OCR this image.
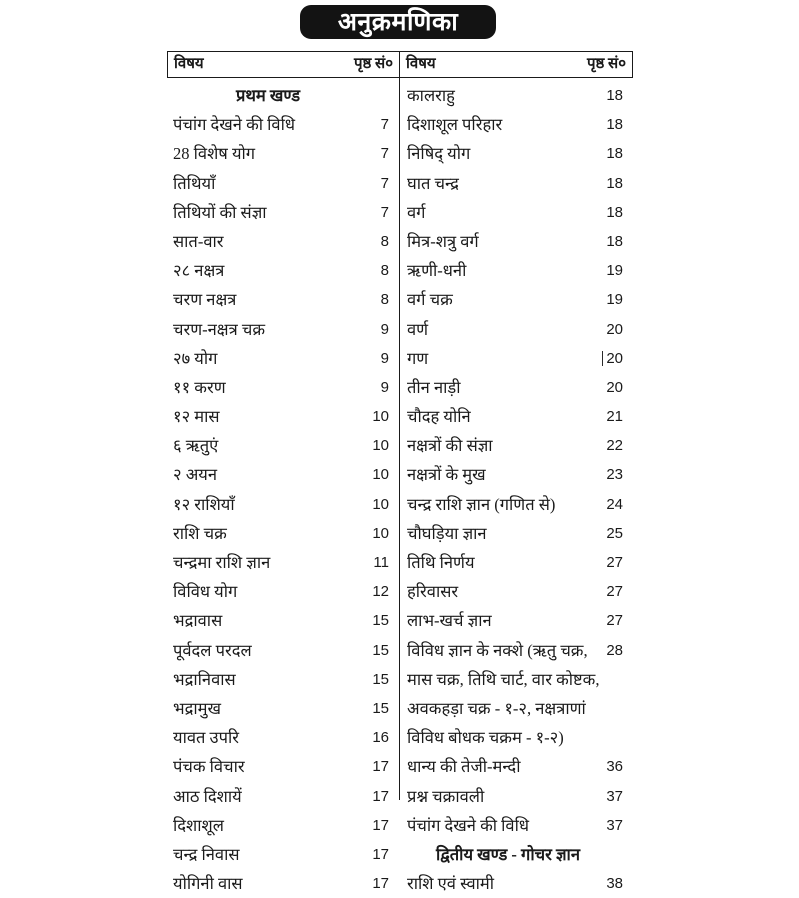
अनुक्रमणिका
विषय	पृष्ठ सं० विषय	पृष्ठ सं०
प्रथम खण्ड
पंचांग देखने की विधि	7
28 विशेष योग	7
तिथियाँ	7
तिथियों की संज्ञा	7
सात-वार	8
२८ नक्षत्र	8
चरण नक्षत्र	8
चरण-नक्षत्र चक्र	9
२७ योग	9
११ करण	9
१२ मास	10
६ ऋतुएं	10
२ अयन	10
१२ राशियाँ	10
राशि चक्र	10
चन्द्रमा राशि ज्ञान	11
विविध योग	12
भद्रावास	15
पूर्वदल परदल	15
भद्रानिवास	15
भद्रामुख	15
यावत उपरि	16
पंचक विचार	17
आठ दिशायें	17
दिशाशूल	17
चन्द्र निवास	17
योगिनी वास	17
कालराहु	18
दिशाशूल परिहार	18
निषिद् योग	18
घात चन्द्र	18
वर्ग	18
मित्र-शत्रु वर्ग	18
ऋणी-धनी	19
वर्ग चक्र	19
वर्ण	20
गण	20
तीन नाड़ी	20
चौदह योनि	21
नक्षत्रों की संज्ञा	22
नक्षत्रों के मुख	23
चन्द्र राशि ज्ञान (गणित से)	24
चौघड़िया ज्ञान	25
तिथि निर्णय	27
हरिवासर	27
लाभ-खर्च ज्ञान	27
विविध ज्ञान के नक्शे (ऋतु चक्र, 28
मास चक्र, तिथि चार्ट, वार कोष्टक,
अवकहड़ा चक्र - १-२, नक्षत्राणां
विविध बोधक चक्रम - १-२)
धान्य की तेजी-मन्दी	36
प्रश्न चक्रावली	37
पंचांग देखने की विधि	37
द्वितीय खण्ड - गोचर ज्ञान
राशि एवं स्वामी	38
